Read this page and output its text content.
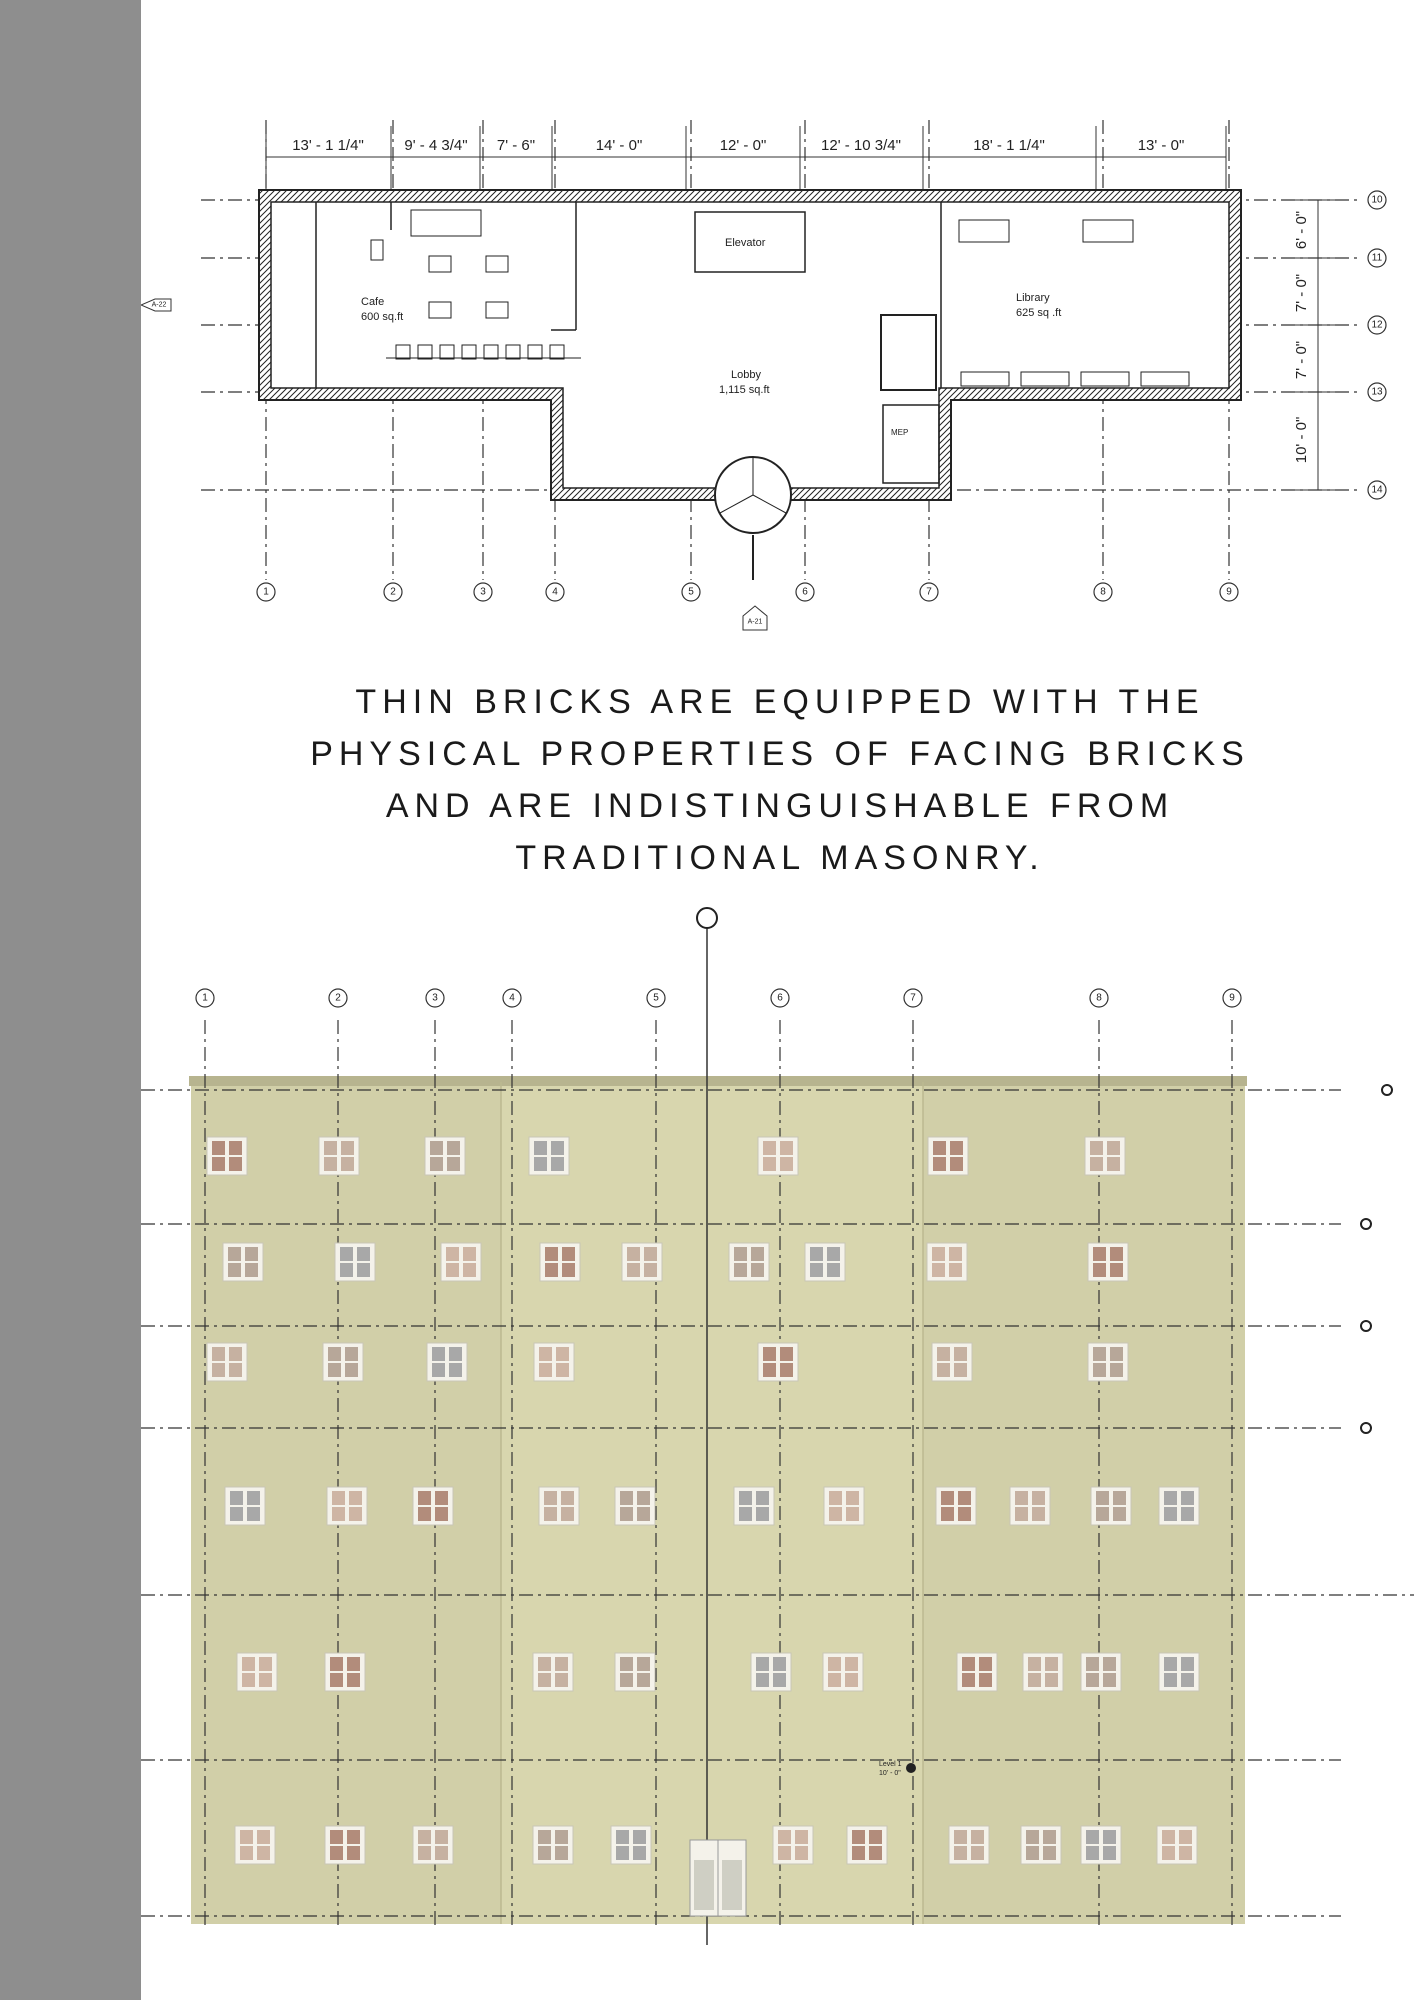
13' - 1 1/4"	9' - 4 3/4" 7' - 6"	14' - 0"	12' - 0"	12' - 10 3/4"	18' - 1 1/4"	13' - 0"
6' - 0"
7' - 0"
7' - 0"
10' - 0"
Cafe
600 sq.ft
Elevator
Library
625 sq .ft
Lobby
1,115 sq.ft
MEP
A-22
A-21
1	2	3	4	5	6	7	8	9
10
11
12
13
14
THIN BRICKS ARE EQUIPPED WITH THE
PHYSICAL PROPERTIES OF FACING BRICKS
AND ARE INDISTINGUISHABLE FROM
TRADITIONAL MASONRY.
1	2	3	4	5	6	7	8	9
Level 1
10' - 0"
